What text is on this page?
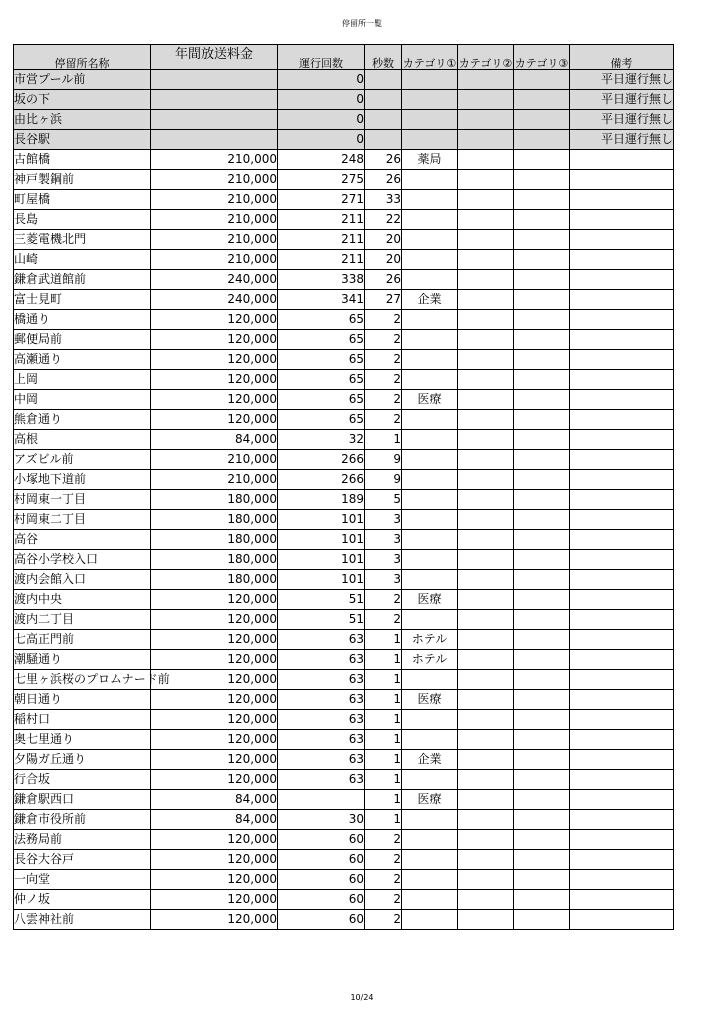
停留所一覧
停留所名称	年間放送料金	運行回数	秒数	カテゴリ①	カテゴリ②	カテゴリ③	備考

市営プール前		0					平日運行無し
坂の下		0					平日運行無し
由比ヶ浜		0					平日運行無し
長谷駅		0					平日運行無し
古館橋	210,000	248	26	薬局			
神戸製鋼前	210,000	275	26				
町屋橋	210,000	271	33				
長島	210,000	211	22				
三菱電機北門	210,000	211	20				
山崎	210,000	211	20				
鎌倉武道館前	240,000	338	26				
富士見町	240,000	341	27	企業			
橋通り	120,000	65	2				
郵便局前	120,000	65	2				
高瀬通り	120,000	65	2				
上岡	120,000	65	2				
中岡	120,000	65	2	医療			
熊倉通り	120,000	65	2				
高根	84,000	32	1				
アズビル前	210,000	266	9				
小塚地下道前	210,000	266	9				
村岡東一丁目	180,000	189	5				
村岡東二丁目	180,000	101	3				
高谷	180,000	101	3				
高谷小学校入口	180,000	101	3				
渡内会館入口	180,000	101	3				
渡内中央	120,000	51	2	医療			
渡内二丁目	120,000	51	2				
七高正門前	120,000	63	1	ホテル			
潮騒通り	120,000	63	1	ホテル			
七里ヶ浜桜のプロムナード前	120,000	63	1				
朝日通り	120,000	63	1	医療			
稲村口	120,000	63	1				
奥七里通り	120,000	63	1				
夕陽ガ丘通り	120,000	63	1	企業			
行合坂	120,000	63	1				
鎌倉駅西口	84,000		1	医療			
鎌倉市役所前	84,000	30	1				
法務局前	120,000	60	2				
長谷大谷戸	120,000	60	2				
一向堂	120,000	60	2				
仲ノ坂	120,000	60	2				
八雲神社前	120,000	60	2				
10/24
